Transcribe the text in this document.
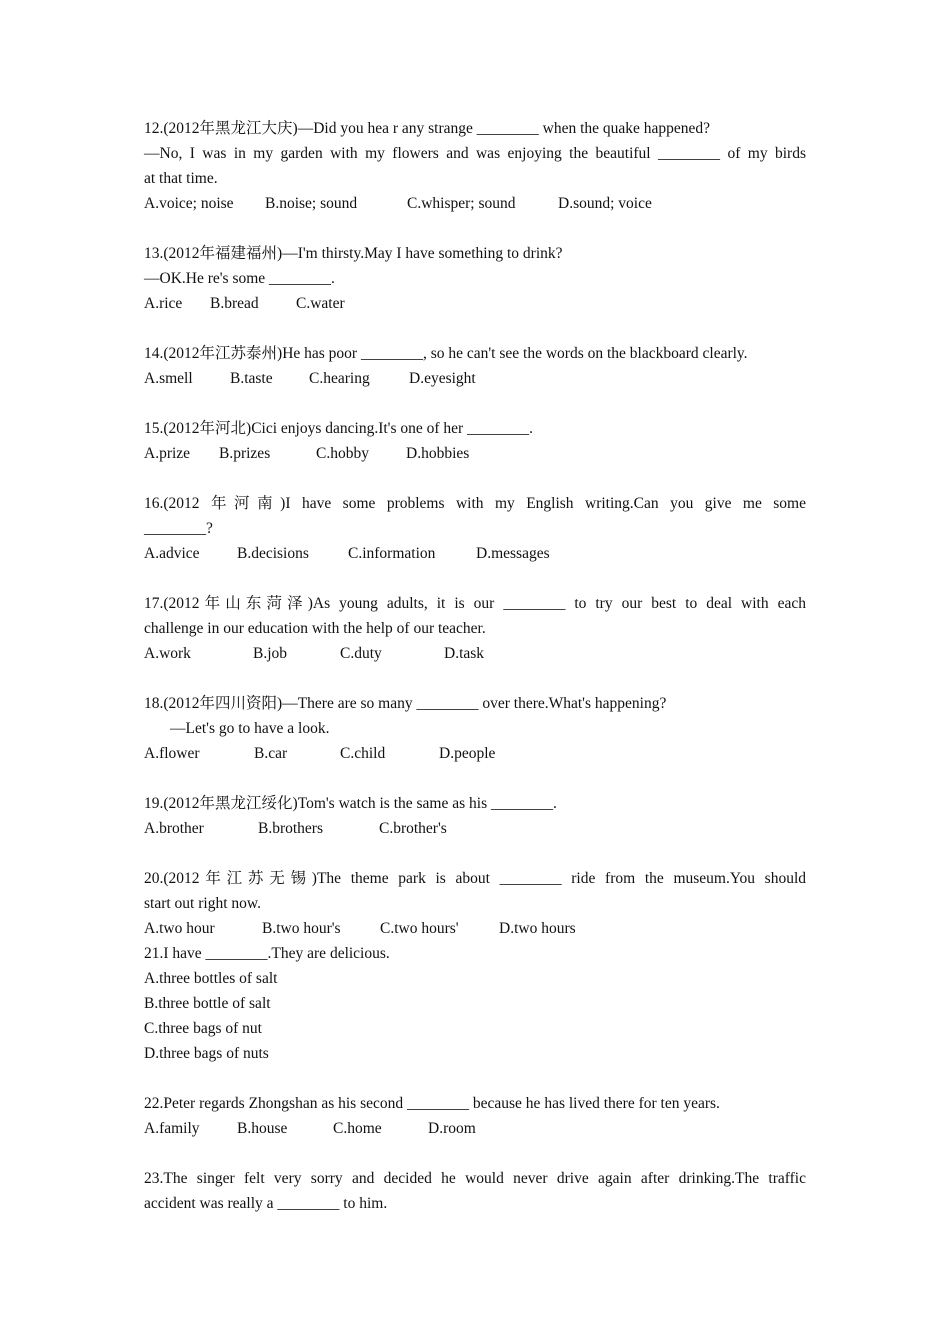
12.(2012年黑龙江大庆)—Did you hea r any strange ________ when the quake happened?
—No, I was in my garden with my flowers and was enjoying the beautiful ________ of my birds
at that time.
A.voice; noise B.noise; sound	C.whisper; sound	D.sound; voice
13.(2012年福建福州)—I'm thirsty.May I have something to drink?
—OK.He re's some ________.
A.rice B.bread C.water
14.(2012年江苏泰州)He has poor ________, so he can't see the words on the blackboard clearly.
A.smell B.taste C.hearing	D.eyesight
15.(2012年河北)Cici enjoys dancing.It's one of her ________.
A.prize B.prizes	C.hobby D.hobbies
16.(2012 年河南)I have some problems with my English writing.Can you give me some
________?
A.advice B.decisions	C.information	D.messages
17.(2012年山东菏泽)As young adults, it is our ________ to try our best to deal with each
challenge in our education with the help of our teacher.
A.work	B.job	C.duty	D.task
18.(2012年四川资阳)—There are so many ________ over there.What's happening?
—Let's go to have a look.
A.flower	B.car	C.child	D.people
19.(2012年黑龙江绥化)Tom's watch is the same as his ________.
A.brother	B.brothers	C.brother's
20.(2012年江苏无锡)The theme park is about ________ ride from the museum.You should
start out right now.
A.two hour	B.two hour's	C.two hours'	D.two hours
21.I have ________.They are delicious.
A.three bottles of salt
B.three bottle of salt
C.three bags of nut
D.three bags of nuts
22.Peter regards Zhongshan as his second ________ because he has lived there for ten years.
A.family B.house	C.home	D.room
23.The singer felt very sorry and decided he would never drive again after drinking.The traffic
accident was really a ________ to him.
